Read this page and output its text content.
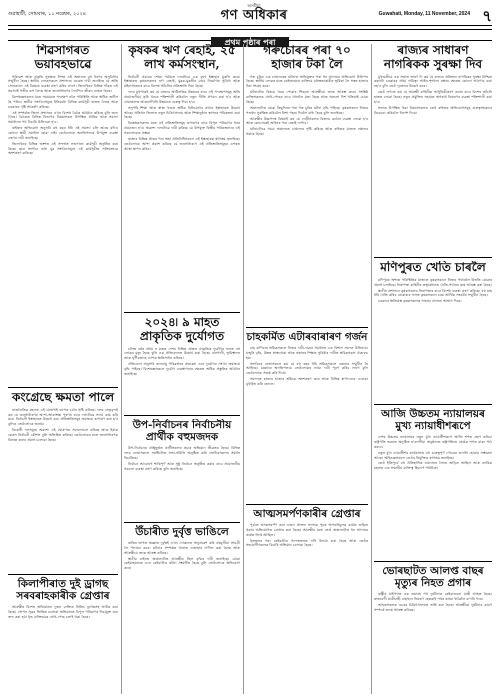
গুৱাহাটী, সোমবাৰ, ১১ নৱেম্বৰ, ২০২৪
অসমীয়া
গণ অধিকাৰ	Guwahati, Monday, 11 November, 2024 ৭
প্ৰথম পৃষ্ঠাৰ পৰা
শিৱসাগৰত ভয়াবহভাৱে

পৰিৱেশ আৰু প্ৰকৃতি সুৰক্ষাৰ দিশত এই অঞ্চলত বহু ধৰণৰ অসুবিধাৰ সন্মুখীন হৈছে। স্থানীয় লোকসকলে প্ৰশাসনৰ ওচৰত দাবী জনাইছে যে অতি সোনকালে এই বিষয়ত ব্যৱস্থা গ্ৰহণ কৰিব লাগে। জিলাখনৰ বিভিন্ন গাঁৱত এই সমস্যাই গভীৰ ৰূপ লৈছে আৰু জনসাধাৰণৰ দৈনন্দিন জীৱন ব্যাহত হৈছে।

বিশেষজ্ঞসকলৰ মতে সময়মতে পদক্ষেপ নলৈ পৰিস্থিতি আৰু অধিক জটিল হৈ পৰিব। স্থানীয় সংগঠনসমূহে ইতিমধ্যে বিভিন্ন কাৰ্যসূচী হাতত লৈছে আৰু চৰকাৰৰ দৃষ্টি আকৰ্ষণ কৰিছে।

এই সম্পৰ্কত জিলা প্ৰশাসনে এখন বিশেষ বৈঠক আহ্বান কৰিছে বুলি জনা গৈছে। বৈঠকত বিভিন্ন বিভাগৰ বিষয়াসকল উপস্থিত থাকিব আৰু সমস্যা সমাধানৰ পথ বিচাৰি উলিওৱা হ'ব।

ৰাইজৰ অভিযোগ অনুসৰি বহু বছৰ ধৰি এই সমস্যা চলি আছে যদিও কোনো স্থায়ী সমাধান হোৱা নাই। তেওঁলোকে অনতিপলমে উপযুক্ত ব্যৱস্থা গ্ৰহণৰ দাবী জনাইছে।

জিলাখনৰ বিভিন্ন অংশত এই সন্দৰ্ভত সজাগতা কাৰ্যসূচী অনুষ্ঠিত কৰা হৈছে। ছাত্ৰ সংগঠন তথা যুৱ সংগঠনসমূহে এই কাৰ্যসূচীত সক্ৰিয়ভাৱে অংশগ্ৰহণ কৰিছে।

কংগ্ৰেছে ক্ষমতা পালে

ৰাজনৈতিক মহলত এই ঘোষণাই ব্যাপক চৰ্চাৰ সৃষ্টি কৰিছে। দলৰ নেতৃবৃন্দই কয় যে জনসাধাৰণৰ আশা-আকাংক্ষা পূৰণৰ বাবে দলটোৱে সদায় কাম কৰি যাব। নিৰ্বাচনী ইস্তাহাৰত উল্লেখ কৰা প্ৰতিশ্ৰুতিসমূহ ক্ৰমান্বয়ে ৰূপায়ণ কৰা হ'ব বুলিও তেওঁলোকে জনায়।

বিৰোধী দলসমূহে অৱশ্যে এই ঘোষণাক সমালোচনা কৰিছে আৰু ইয়াক কেৱল নিৰ্বাচনী কৌশল বুলি অভিহিত কৰিছে। তেওঁলোকৰ মতে জনসাধাৰণক বিভ্ৰান্ত কৰাৰ প্ৰয়াস চলোৱা হৈছে।

কিলাপীৰাত দুই ড্ৰাগছ সৰবৰাহকাৰীক গ্ৰেপ্তাৰ

আৰক্ষীৰ বিশেষ অভিযানত দুজন ব্যক্তিক নিষিদ্ধ ড্ৰাগছসহ আটক কৰা হৈছে। গোপন সূত্ৰৰ ভিত্তিত চলোৱা অভিযানত বিপুল পৰিমাণৰ নিচাযুক্ত দ্ৰব্য জব্দ কৰা হয়। ধৃত ব্যক্তিদ্বয়ক সোধ-পোছ চলাই থকা হৈছে।

কৃষকৰ ঋণ ৰেহাই, ২৫ লাখ কৰ্মসংস্থান,

নিৰ্বাচনী প্ৰচাৰৰ শেষৰ পৰ্যায়ত দলটোৱে এক বৃহৎ ইস্তাহাৰ মুকলি কৰে। ইস্তাহাৰত কৃষকসকলৰ ঋণ ৰেহাই, যুৱক-যুৱতীৰ বাবে নিয়োগৰ সুবিধা আৰু মহিলাসকলৰ বাবে বিশেষ আঁচনিৰ প্ৰতিশ্ৰুতি দিয়া হৈছে।

দলৰ মুখপাত্ৰই কয় যে ৰাজ্যৰ অৰ্থনৈতিক উন্নয়নৰ বাবে এই পদক্ষেপসমূহ অতি প্ৰয়োজনীয়। কৃষি খণ্ডক শক্তিশালী কৰিবলৈ নতুন নীতি প্ৰণয়ন কৰা হ'ব আৰু গ্ৰামাঞ্চলত আন্তঃগাঁথনি উন্নয়নত গুৰুত্ব দিয়া হ'ব।

তদুপৰি শিক্ষা আৰু স্বাস্থ্য খণ্ডত অধিক বিনিয়োগৰ কথাও ইস্তাহাৰত উল্লেখ আছে। প্ৰতিখন জিলাত নতুন চিকিৎসালয় আৰু শিক্ষানুষ্ঠান স্থাপনৰ পৰিকল্পনা কৰা হৈছে।

বিশ্লেষকসকলৰ মতে এই প্ৰতিশ্ৰুতিসমূহ ৰূপায়ণৰ বাবে বিপুল পৰিমাণৰ ধনৰ প্ৰয়োজন হ'ব। অৱশ্যে দলটোৱে দাবী কৰিছে যে উপযুক্ত বিত্তীয় পৰিকল্পনাৰে এই সকলোবোৰ সম্ভৱ।

ৰাজ্যৰ বিভিন্ন প্ৰান্তৰ পৰা অহা প্ৰতিনিধিসকলে এই ইস্তাহাৰক স্বাগতম জনাইছে। তেওঁলোকে আশা প্ৰকাশ কৰিছে যে জনসাধাৰণে এই প্ৰতিশ্ৰুতিসমূহৰ ওপৰত আস্থা স্থাপন কৰিব।

২০২৪৷ ৯ মাহত প্ৰাকৃতিক দুৰ্যোগত

চলিত বৰ্ষৰ প্ৰথম ন মাহত দেশৰ বিভিন্ন প্ৰান্তত প্ৰাকৃতিক দুৰ্যোগৰ ফলত বহু লোকৰ মৃত্যু হৈছে বুলি এক প্ৰতিবেদনত উল্লেখ কৰা হৈছে। বানপানী, ভূমিস্খলন আৰু ঘূৰ্ণীবতাহে ব্যাপক ক্ষতিসাধন কৰিছে।

প্ৰতিবেদন অনুসৰি জলবায়ু পৰিৱৰ্তনৰ প্ৰভাৱত এনে দুৰ্যোগৰ সংখ্যা ক্ৰমান্বয়ে বৃদ্ধি পাইছে। বিশেষজ্ঞসকলে দুৰ্যোগ ব্যৱস্থাপনাৰ ক্ষেত্ৰত অধিক প্ৰস্তুতিৰ আহ্বান জনাইছে।

উপ-নিৰ্বাচনৰ নিৰ্বাচনীয় প্ৰাৰ্থীক বহুমজদক

উপ-নিৰ্বাচনৰ প্ৰাক্মুহূৰ্তত প্ৰাৰ্থীসকলৰ প্ৰচাৰ অভিযান তীব্ৰতৰ হৈছে। বিভিন্ন দলৰ নেতাসকলে সমষ্টিটোত সভা-সমিতি অনুষ্ঠিত কৰি ভোটাৰসকলৰ সমৰ্থন বিচাৰিছে।

নিৰ্বাচন আয়োগে শান্তিপূৰ্ণ আৰু সুষ্ঠু নিৰ্বাচন অনুষ্ঠিত কৰাৰ বাবে প্ৰয়োজনীয় সকলো ব্যৱস্থা গ্ৰহণ কৰিছে বুলি জনাইছে।

উঁচাৰীত দুৰ্বৃত্ত ভাঙিলে

ৰাতিৰ ভাগত অজ্ঞাত দুৰ্বৃত্তই এখন দোকানত অনুপ্ৰৱেশ কৰি বহুমূলীয়া সামগ্ৰী লৈ পলায়ন কৰে। ঘটনাৰ সম্পৰ্কত থানাত এজাহাৰ দাখিল কৰা হৈছে আৰু আৰক্ষীয়ে তদন্ত আৰম্ভ কৰিছে।

স্থানীয় ৰাইজে অঞ্চলটোত আৰক্ষীৰ টহল বৃদ্ধিৰ দাবী জনাইছে। যোৱা কেইমাহমানত এনে কেইবাটাও ঘটনা সংঘটিত হৈছে বুলি তেওঁলোকে অভিযোগ কৰে।

গৰুচোৰৰ পৰা ৭০ হাজাৰ টকা লৈ

গৰু চুৰিৰ এক চাঞ্চল্যকৰ ঘটনাত অভিযুক্তৰ পৰা ধন আদায়ৰ অভিযোগ উত্থাপন হৈছে। স্থানীয় লোকৰ মতে কেইজনমান ব্যক্তিয়ে মধ্যস্থতাকাৰীৰ ভূমিকা লৈ সত্তৰ হাজাৰ টকা সংগ্ৰহ কৰে।

ঘটনাটোৰ বিষয়ে খবৰ পোৱাৰ পিছতে আৰক্ষীয়ে তদন্ত আৰম্ভ কৰে। সংশ্লিষ্ট ব্যক্তিসকলক সোধ-পোছৰ বাবে থানালৈ মতা হৈছে আৰু সকলো দিশ খতিয়াই চোৱা হৈছে।

অঞ্চলটোত যোৱা কিছুদিনৰ পৰা গৰু চুৰিৰ ঘটনা বৃদ্ধি পাইছে। কৃষকসকলে নিজৰ পশুধন সুৰক্ষিত কৰিবলৈ নিশা পহৰা দিবলৈ বাধ্য হৈছে বুলি জনাইছে।

আৰক্ষীৰ উচ্চপদস্থ বিষয়াই কয় যে দোষীসকলৰ বিৰুদ্ধে কঠোৰ ব্যৱস্থা লোৱা হ'ব আৰু কোনোৱেই আইনৰ পৰা ৰেহাই নাপাব।

ঘটনাটোৱে সমগ্ৰ অঞ্চলতে চাঞ্চল্যৰ সৃষ্টি কৰিছে আৰু ৰাইজৰ মাজত ক্ষোভৰ সঞ্চাৰ হৈছে।

চাহকৰ্মিত এটাৰবাৰাৰণ গৰ্জন

চাহ বাগিচাৰ শ্ৰমিকসকলে নিজৰ দাবী-দাৱাৰ সমৰ্থনত এক বিশাল সমদল উলিয়ায়। মজুৰি বৃদ্ধি, উন্নত স্বাস্থ্যসেৱা আৰু সন্তানৰ শিক্ষাৰ সুবিধাৰ দাবীত শ্ৰমিকসকল ঐক্যবদ্ধ হয়।

সংগঠনৰ নেতাসকলে কয় যে বহু বছৰ ধৰি শ্ৰমিকসকলে বঞ্চনাৰ সন্মুখীন হৈ আহিছে। চৰকাৰে অনতিপলমে তেওঁলোকৰ ন্যায্য দাবী পূৰণ কৰিব লাগে বুলি তেওঁলোকে সতৰ্ক কৰি দিয়ে।

সমদলত হাজাৰ হাজাৰ শ্ৰমিকে অংশগ্ৰহণ কৰে আৰু বিভিন্ন শ্ল'গানেৰে এলেকা মুখৰিত কৰি তোলে।

আত্মসমৰ্পণকাৰীৰ গ্ৰেপ্তাৰ

পূৰ্বতে আত্মসমৰ্পণ কৰা এজন প্ৰাক্তন সদস্যক পুনৰ অপৰাধমূলক কাৰ্যত জড়িত থকাৰ অভিযোগত গ্ৰেপ্তাৰ কৰা হৈছে। আৰক্ষীৰ মতে তেওঁ অঞ্চলটোত ধন আদায়ৰ কাৰ্যত লিপ্ত আছিল।

ধৃতজনৰ পৰা কেইবাটাও সন্দেহজনক নথি উদ্ধাৰ কৰা হৈছে আৰু তেওঁৰ সহযোগীসকলক বিচাৰি অভিযান চলোৱা হৈছে।

ৰাজ্যৰ সাধাৰণ নাগৰিকক সুৰক্ষা দিব

মুখ্যমন্ত্ৰীয়ে এক সভাত ভাষণ দি কয় যে ৰাজ্যৰ প্ৰতিজন নাগৰিকৰ সুৰক্ষা নিশ্চিত কৰাটো চৰকাৰৰ প্ৰথম দায়িত্ব। আইন-শৃংখলা ৰক্ষাৰ ক্ষেত্ৰত কোনো আপোচ কৰা নহ'ব বুলি তেওঁ দৃঢ়তাৰে উল্লেখ কৰে।

তেওঁ লগতে কয় যে আৰক্ষী বাহিনীক আধুনিকীকৰণ কৰাৰ বাবে বিশেষ আঁচনি হাতত লোৱা হৈছে। নতুন প্ৰযুক্তিৰ সহায়ত অপৰাধ নিয়ন্ত্ৰণৰ ব্যৱস্থা শক্তিশালী কৰা হ'ব।

সভাত উপস্থিত থকা বিষয়াসকলক তেওঁ ৰাইজৰ অভিযোগসমূহ গুৰুত্বসহকাৰে বিবেচনা কৰিবলৈ নিৰ্দেশ দিয়ে।

মণিপুৰত খেতি চাৰলৈ

মণিপুৰৰ অশান্ত পৰিস্থিতিৰ মাজতে কৃষকসকলে নিজৰ পথাৰলৈ উভতি যোৱাৰ প্ৰয়াস চলাইছে। নিৰাপত্তা বাহিনীৰ তত্বাৱধানত খেতি-পথাৰৰ কাম আৰম্ভ কৰা হৈছে।

স্থানীয় প্ৰশাসনে কৃষকসকলৰ নিৰাপত্তাৰ বাবে বিশেষ ব্যৱস্থা গ্ৰহণ কৰিছে। বহু মাহ ধৰি খেতি কৰিব নোৱাৰাৰ ফলত কৃষকসকলে চৰম আৰ্থিক সংকটৰ সন্মুখীন হৈছে।

চৰকাৰে ক্ষতিগ্ৰস্ত কৃষকসকলক সাহায্য প্ৰদানৰ আশ্বাস দিছে।

আজি উচ্চতম ন্যায়ালয়ৰ মুখ্য ন্যায়াধীশৰূপে

দেশৰ উচ্চতম ন্যায়ালয়ৰ নতুন মুখ্য ন্যায়াধীশৰূপে আজি শপত গ্ৰহণ কৰিব। ৰাষ্ট্ৰপতি ভৱনত অনুষ্ঠিত হ'বলগীয়া অনুষ্ঠানত ৰাষ্ট্ৰপতিয়ে তেওঁক শপত বাক্য পাঠ কৰাব।

নতুন মুখ্য ন্যায়াধীশৰ কাৰ্যকালত বহু গুৰুত্বপূৰ্ণ গোচৰৰ শুনানি হোৱাৰ সম্ভাৱনা আছে। আইনজ্ঞসকলে তেওঁৰ নিযুক্তিক স্বাগতম জনাইছে।

তেওঁ ইতিপূৰ্বে বহু ঐতিহাসিক ৰায়দানৰ সৈতে জড়িত আছিল আৰু ন্যায়িক মহলত এক সন্মানীয় ব্যক্তিত্ব হিচাপে পৰিচিত।

ভোৰছাটত আলপ্ত বাছৰ মৃত্যুৰ নিহত প্ৰগাৰ

ৰাষ্ট্ৰীয় ঘাইপথত এক ভয়াবহ পথ দুৰ্ঘটনাত কেইবাজনো যাত্ৰী আহত হৈছে। দ্ৰুতবেগী যাত্ৰীবাহী বাছখনে নিয়ন্ত্ৰণ হেৰুৱাই পথৰ কাষৰ খাৱৈলৈ বাগৰি পৰে।

আহতসকলক ওচৰৰ চিকিৎসালয়ত ভৰ্তি কৰা হৈছে। আৰক্ষীয়ে দুৰ্ঘটনাৰ কাৰণ সম্পৰ্কে তদন্ত আৰম্ভ কৰিছে।
